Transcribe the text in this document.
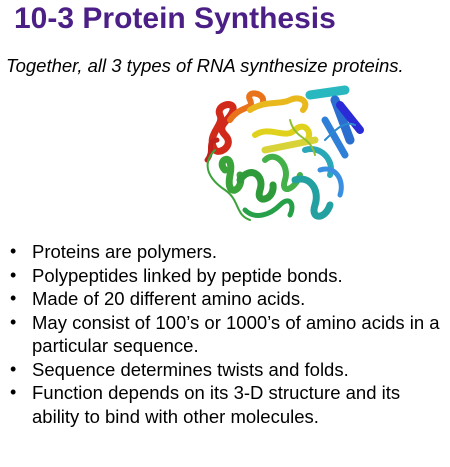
10-3 Protein Synthesis
Together, all 3 types of RNA synthesize proteins.
• Proteins are polymers.
• Polypeptides linked by peptide bonds.
• Made of 20 different amino acids.
• May consist of 100’s or 1000’s of amino acids in a particular sequence.
• Sequence determines twists and folds.
• Function depends on its 3-D structure and its ability to bind with other molecules.
